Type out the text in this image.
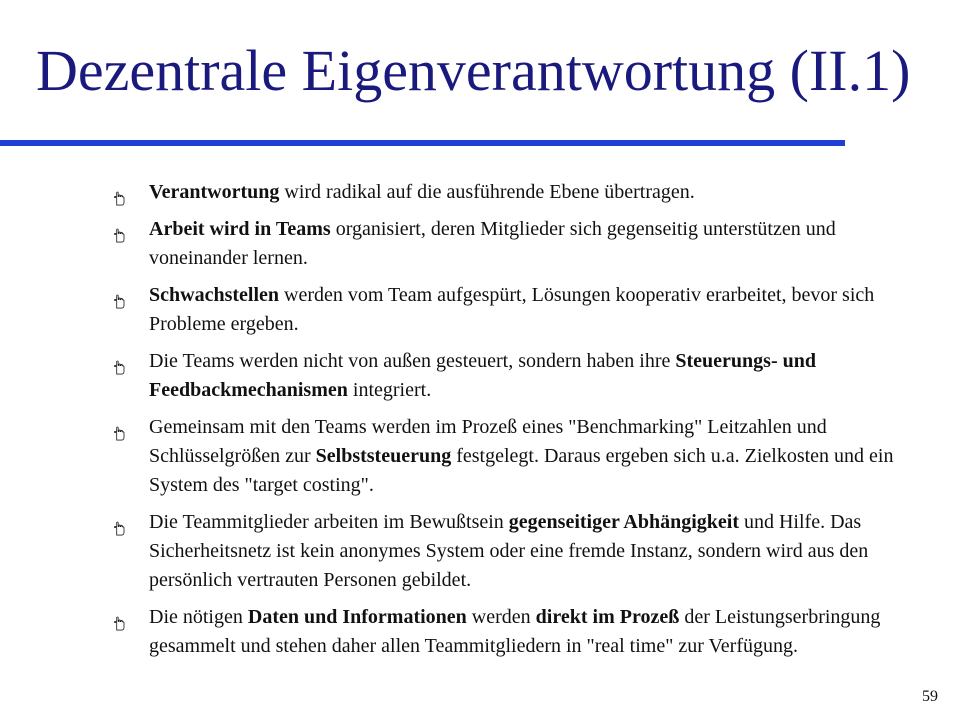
Dezentrale Eigenverantwortung (II.1)
Verantwortung wird radikal auf die ausführende Ebene übertragen.
Arbeit wird in Teams organisiert, deren Mitglieder sich gegenseitig unterstützen und voneinander lernen.
Schwachstellen werden vom Team aufgespürt, Lösungen kooperativ erarbeitet, bevor sich Probleme ergeben.
Die Teams werden nicht von außen gesteuert, sondern haben ihre Steuerungs- und Feedbackmechanismen integriert.
Gemeinsam mit den Teams werden im Prozeß eines "Benchmarking" Leitzahlen und Schlüsselgrößen zur Selbststeuerung festgelegt. Daraus ergeben sich u.a. Zielkosten und ein System des "target costing".
Die Teammitglieder arbeiten im Bewußtsein gegenseitiger Abhängigkeit und Hilfe. Das Sicherheitsnetz ist kein anonymes System oder eine fremde Instanz, sondern wird aus den persönlich vertrauten Personen gebildet.
Die nötigen Daten und Informationen werden direkt im Prozeß der Leistungserbringung gesammelt und stehen daher allen Teammitgliedern in "real time" zur Verfügung.
59
